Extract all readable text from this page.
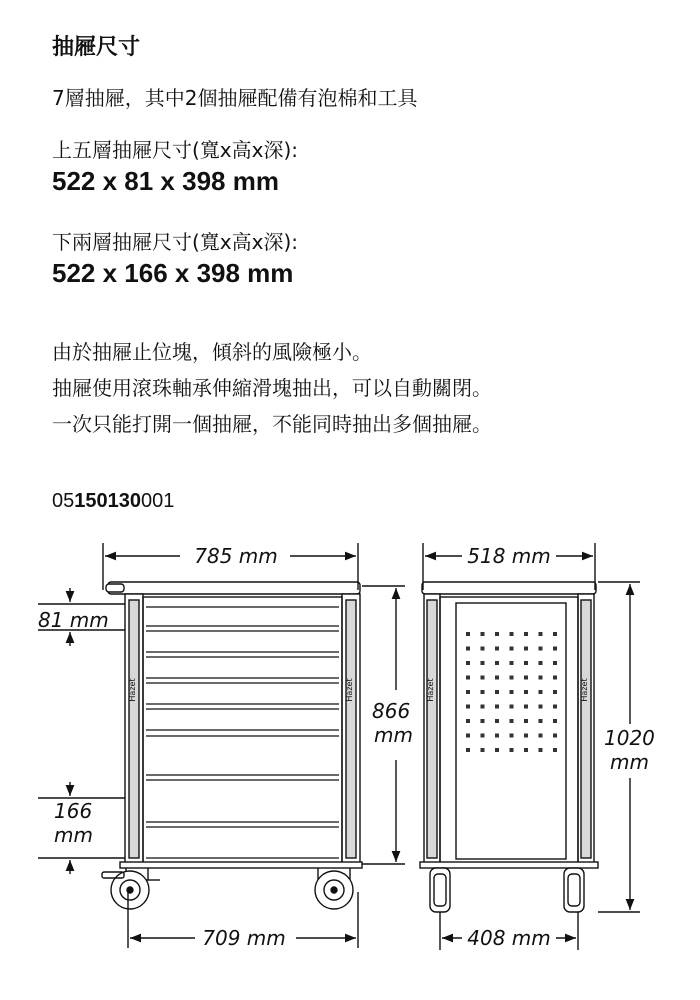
抽屜尺寸
7層抽屜，其中2個抽屜配備有泡棉和工具
上五層抽屜尺寸(寬x高x深):
522 x 81 x 398 mm
下兩層抽屜尺寸(寬x高x深):
522 x 166 x 398 mm
由於抽屜止位塊，傾斜的風險極小。
抽屜使用滾珠軸承伸縮滑塊抽出，可以自動關閉。
一次只能打開一個抽屜，不能同時抽出多個抽屜。
05150130001
Hazet	Hazet	Hazet	Hazet
785 mm	518 mm
81 mm
166
mm
866
mm	1020
mm
709 mm	408 mm
